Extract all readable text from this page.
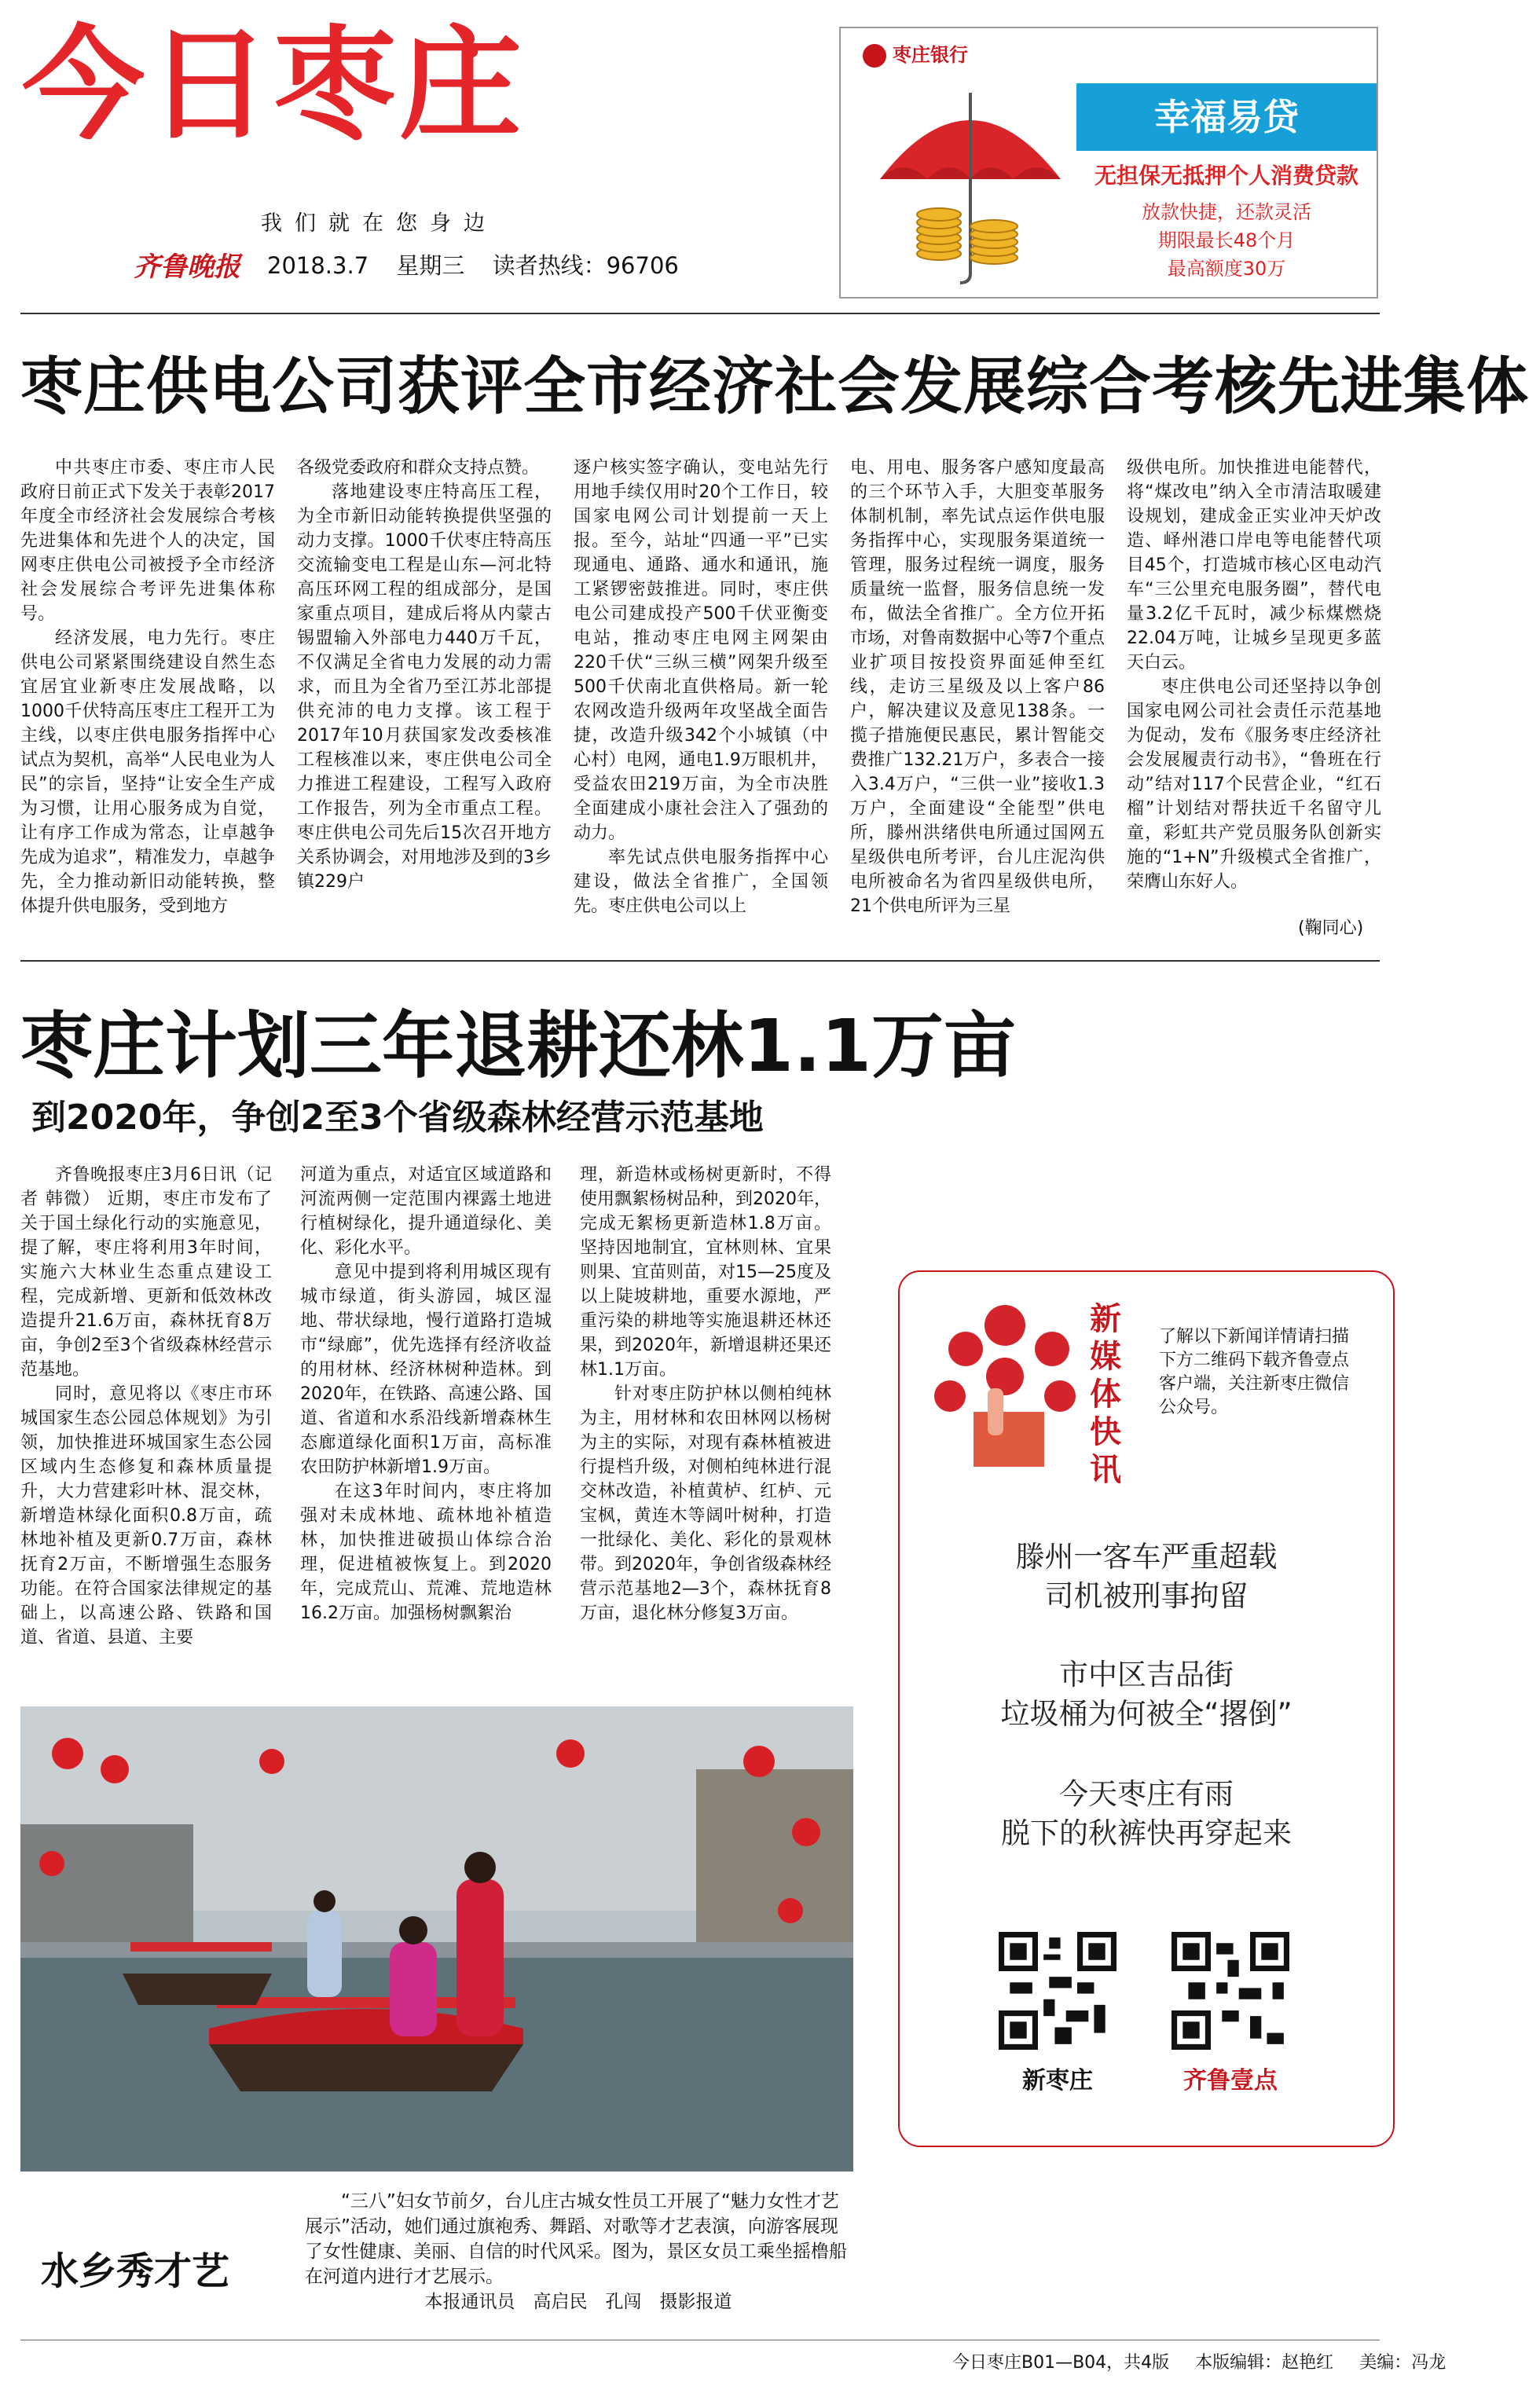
今日枣庄
我们就在您身边
齐鲁晚报 2018.3.7 星期三 读者热线：96706
枣庄银行
幸福易贷
无担保无抵押个人消费贷款
放款快捷，还款灵活
期限最长48个月
最高额度30万
枣庄供电公司获评全市经济社会发展综合考核先进集体

中共枣庄市委、枣庄市人民政府日前正式下发关于表彰2017年度全市经济社会发展综合考核先进集体和先进个人的决定，国网枣庄供电公司被授予全市经济社会发展综合考评先进集体称号。

经济发展，电力先行。枣庄供电公司紧紧围绕建设自然生态宜居宜业新枣庄发展战略，以1000千伏特高压枣庄工程开工为主线，以枣庄供电服务指挥中心试点为契机，高举“人民电业为人民”的宗旨，坚持“让安全生产成为习惯，让用心服务成为自觉，让有序工作成为常态，让卓越争先成为追求”，精准发力，卓越争先，全力推动新旧动能转换，整体提升供电服务，受到地方

各级党委政府和群众支持点赞。

落地建设枣庄特高压工程，为全市新旧动能转换提供坚强的动力支撑。1000千伏枣庄特高压交流输变电工程是山东—河北特高压环网工程的组成部分，是国家重点项目，建成后将从内蒙古锡盟输入外部电力440万千瓦，不仅满足全省电力发展的动力需求，而且为全省乃至江苏北部提供充沛的电力支撑。该工程于2017年10月获国家发改委核准工程核准以来，枣庄供电公司全力推进工程建设，工程写入政府工作报告，列为全市重点工程。枣庄供电公司先后15次召开地方关系协调会，对用地涉及到的3乡镇229户

逐户核实签字确认，变电站先行用地手续仅用时20个工作日，较国家电网公司计划提前一天上报。至今，站址“四通一平”已实现通电、通路、通水和通讯，施工紧锣密鼓推进。同时，枣庄供电公司建成投产500千伏亚衡变电站，推动枣庄电网主网架由220千伏“三纵三横”网架升级至500千伏南北直供格局。新一轮农网改造升级两年攻坚战全面告捷，改造升级342个小城镇（中心村）电网，通电1.9万眼机井，受益农田219万亩，为全市决胜全面建成小康社会注入了强劲的动力。

率先试点供电服务指挥中心建设，做法全省推广，全国领先。枣庄供电公司以上

电、用电、服务客户感知度最高的三个环节入手，大胆变革服务体制机制，率先试点运作供电服务指挥中心，实现服务渠道统一管理，服务过程统一调度，服务质量统一监督，服务信息统一发布，做法全省推广。全方位开拓市场，对鲁南数据中心等7个重点业扩项目按投资界面延伸至红线，走访三星级及以上客户86户，解决建议及意见138条。一揽子措施便民惠民，累计智能交费推广132.21万户，多表合一接入3.4万户，“三供一业”接收1.3万户，全面建设“全能型”供电所，滕州洪绪供电所通过国网五星级供电所考评，台儿庄泥沟供电所被命名为省四星级供电所，21个供电所评为三星

级供电所。加快推进电能替代，将“煤改电”纳入全市清洁取暖建设规划，建成金正实业冲天炉改造、峄州港口岸电等电能替代项目45个，打造城市核心区电动汽车“三公里充电服务圈”，替代电量3.2亿千瓦时，减少标煤燃烧22.04万吨，让城乡呈现更多蓝天白云。

枣庄供电公司还坚持以争创国家电网公司社会责任示范基地为促动，发布《服务枣庄经济社会发展履责行动书》，“鲁班在行动”结对117个民营企业，“红石榴”计划结对帮扶近千名留守儿童，彩虹共产党员服务队创新实施的“1+N”升级模式全省推广，荣膺山东好人。

(鞠同心)
枣庄计划三年退耕还林1.1万亩
到2020年，争创2至3个省级森林经营示范基地

齐鲁晚报枣庄3月6日讯（记者 韩微） 近期，枣庄市发布了关于国土绿化行动的实施意见，提了解，枣庄将利用3年时间，实施六大林业生态重点建设工程，完成新增、更新和低效林改造提升21.6万亩，森林抚育8万亩，争创2至3个省级森林经营示范基地。

同时，意见将以《枣庄市环城国家生态公园总体规划》为引领，加快推进环城国家生态公园区域内生态修复和森林质量提升，大力营建彩叶林、混交林，新增造林绿化面积0.8万亩，疏林地补植及更新0.7万亩，森林抚育2万亩，不断增强生态服务功能。在符合国家法律规定的基础上，以高速公路、铁路和国道、省道、县道、主要

河道为重点，对适宜区域道路和河流两侧一定范围内裸露土地进行植树绿化，提升通道绿化、美化、彩化水平。

意见中提到将利用城区现有城市绿道，街头游园，城区湿地、带状绿地，慢行道路打造城市“绿廊”，优先选择有经济收益的用材林、经济林树种造林。到2020年，在铁路、高速公路、国道、省道和水系沿线新增森林生态廊道绿化面积1万亩，高标准农田防护林新增1.9万亩。

在这3年时间内，枣庄将加强对未成林地、疏林地补植造林，加快推进破损山体综合治理，促进植被恢复上。到2020年，完成荒山、荒滩、荒地造林16.2万亩。加强杨树飘絮治

理，新造林或杨树更新时，不得使用飘絮杨树品种，到2020年，完成无絮杨更新造林1.8万亩。坚持因地制宜，宜林则林、宜果则果、宜苗则苗，对15—25度及以上陡坡耕地，重要水源地，严重污染的耕地等实施退耕还林还果，到2020年，新增退耕还果还林1.1万亩。

针对枣庄防护林以侧柏纯林为主，用材林和农田林网以杨树为主的实际，对现有森林植被进行提档升级，对侧柏纯林进行混交林改造，补植黄栌、红栌、元宝枫，黄连木等阔叶树种，打造一批绿化、美化、彩化的景观林带。到2020年，争创省级森林经营示范基地2—3个，森林抚育8万亩，退化林分修复3万亩。

水乡秀才艺
“三八”妇女节前夕，台儿庄古城女性员工开展了“魅力女性才艺展示”活动，她们通过旗袍秀、舞蹈、对歌等才艺表演，向游客展现了女性健康、美丽、自信的时代风采。图为，景区女员工乘坐摇橹船在河道内进行才艺展示。
本报通讯员　高启民　孔闯　摄影报道
新媒体快讯
了解以下新闻详情请扫描下方二维码下载齐鲁壹点客户端，关注新枣庄微信公众号。
滕州一客车严重超载
司机被刑事拘留
市中区吉品街
垃圾桶为何被全“撂倒”
今天枣庄有雨
脱下的秋裤快再穿起来
新枣庄	齐鲁壹点
今日枣庄B01—B04，共4版 本版编辑：赵艳红 美编：冯龙
